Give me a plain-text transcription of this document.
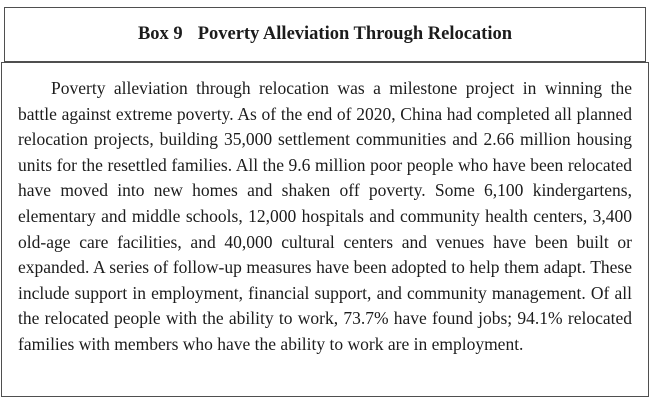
Box 9 Poverty Alleviation Through Relocation

Poverty alleviation through relocation was a milestone project in winning the battle against extreme poverty. As of the end of 2020, China had completed all planned relocation projects, building 35,000 settlement communities and 2.66 million housing units for the resettled families. All the 9.6 million poor people who have been relocated have moved into new homes and shaken off poverty. Some 6,100 kindergartens, elementary and middle schools, 12,000 hospitals and community health centers, 3,400 old-age care facilities, and 40,000 cultural centers and venues have been built or expanded. A series of follow-up measures have been adopted to help them adapt. These include support in employment, financial support, and community management. Of all the relocated people with the ability to work, 73.7% have found jobs; 94.1% relocated families with members who have the ability to work are in employment.
